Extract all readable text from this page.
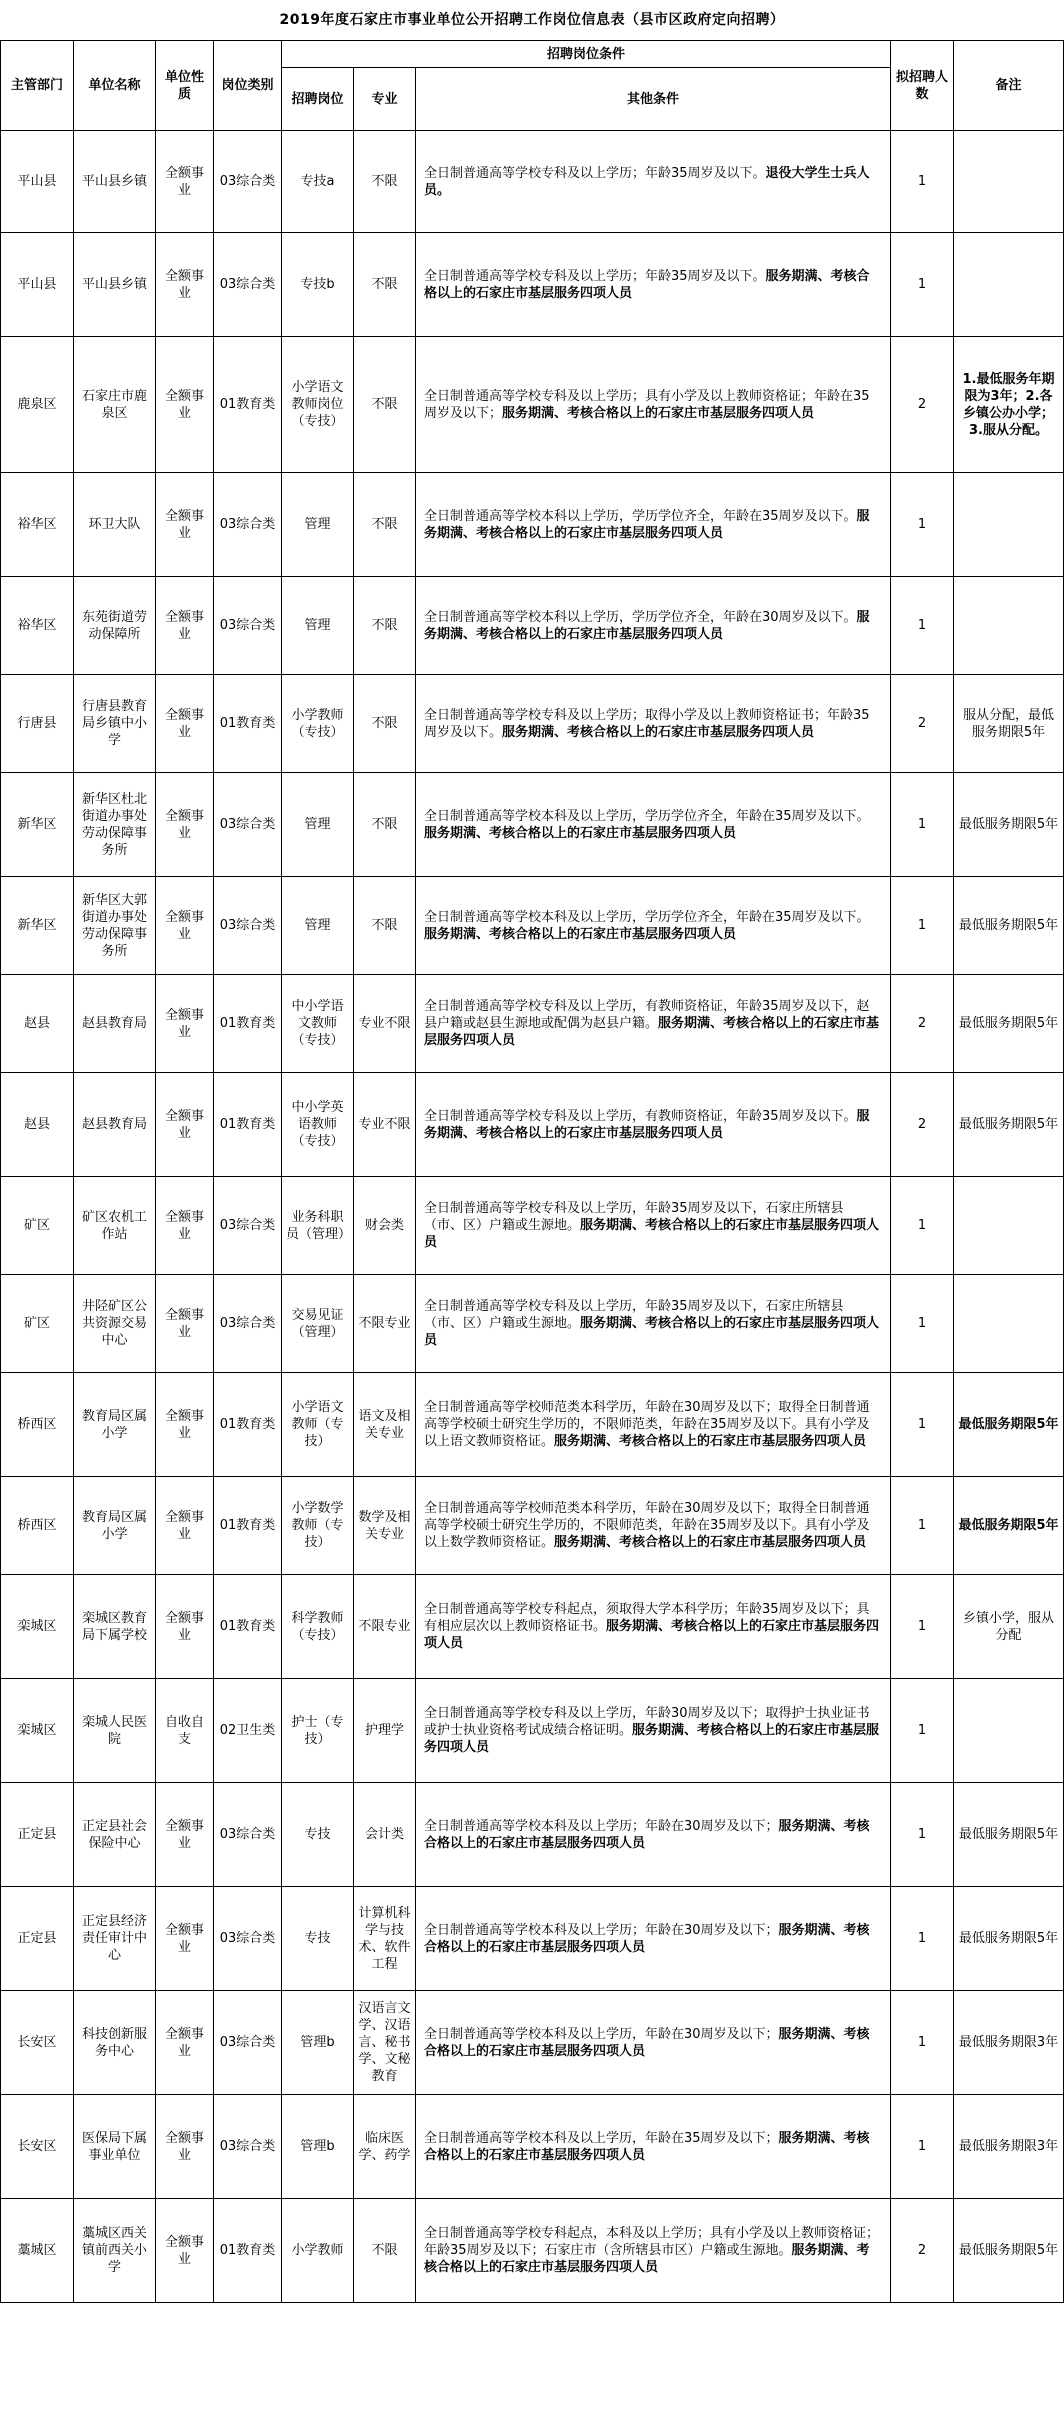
2019年度石家庄市事业单位公开招聘工作岗位信息表（县市区政府定向招聘）
主管部门	单位名称	单位性质	岗位类别	招聘岗位条件			拟招聘人数	备注
				招聘岗位	专业	其他条件		
平山县	平山县乡镇	全额事业	03综合类	专技a	不限	全日制普通高等学校专科及以上学历；年龄35周岁及以下。退役大学生士兵人员。	1	
平山县	平山县乡镇	全额事业	03综合类	专技b	不限	全日制普通高等学校专科及以上学历；年龄35周岁及以下。服务期满、考核合格以上的石家庄市基层服务四项人员	1	
鹿泉区	石家庄市鹿泉区	全额事业	01教育类	小学语文教师岗位（专技）	不限	全日制普通高等学校专科及以上学历；具有小学及以上教师资格证；年龄在35周岁及以下；服务期满、考核合格以上的石家庄市基层服务四项人员	2	1.最低服务年期限为3年；2.各乡镇公办小学；3.服从分配。
裕华区	环卫大队	全额事业	03综合类	管理	不限	全日制普通高等学校本科以上学历，学历学位齐全，年龄在35周岁及以下。服务期满、考核合格以上的石家庄市基层服务四项人员	1	
裕华区	东苑街道劳动保障所	全额事业	03综合类	管理	不限	全日制普通高等学校本科以上学历，学历学位齐全，年龄在30周岁及以下。服务期满、考核合格以上的石家庄市基层服务四项人员	1	
行唐县	行唐县教育局乡镇中小学	全额事业	01教育类	小学教师（专技）	不限	全日制普通高等学校专科及以上学历；取得小学及以上教师资格证书；年龄35周岁及以下。服务期满、考核合格以上的石家庄市基层服务四项人员	2	服从分配，最低服务期限5年
新华区	新华区杜北街道办事处劳动保障事务所	全额事业	03综合类	管理	不限	全日制普通高等学校本科及以上学历，学历学位齐全，年龄在35周岁及以下。服务期满、考核合格以上的石家庄市基层服务四项人员	1	最低服务期限5年
新华区	新华区大郭街道办事处劳动保障事务所	全额事业	03综合类	管理	不限	全日制普通高等学校本科及以上学历，学历学位齐全，年龄在35周岁及以下。服务期满、考核合格以上的石家庄市基层服务四项人员	1	最低服务期限5年
赵县	赵县教育局	全额事业	01教育类	中小学语文教师（专技）	专业不限	全日制普通高等学校专科及以上学历，有教师资格证，年龄35周岁及以下，赵县户籍或赵县生源地或配偶为赵县户籍。服务期满、考核合格以上的石家庄市基层服务四项人员	2	最低服务期限5年
赵县	赵县教育局	全额事业	01教育类	中小学英语教师（专技）	专业不限	全日制普通高等学校专科及以上学历，有教师资格证，年龄35周岁及以下。服务期满、考核合格以上的石家庄市基层服务四项人员	2	最低服务期限5年
矿区	矿区农机工作站	全额事业	03综合类	业务科职员（管理）	财会类	全日制普通高等学校专科及以上学历，年龄35周岁及以下，石家庄所辖县（市、区）户籍或生源地。服务期满、考核合格以上的石家庄市基层服务四项人员	1	
矿区	井陉矿区公共资源交易中心	全额事业	03综合类	交易见证（管理）	不限专业	全日制普通高等学校专科及以上学历，年龄35周岁及以下，石家庄所辖县（市、区）户籍或生源地。服务期满、考核合格以上的石家庄市基层服务四项人员	1	
桥西区	教育局区属小学	全额事业	01教育类	小学语文教师（专技）	语文及相关专业	全日制普通高等学校师范类本科学历，年龄在30周岁及以下；取得全日制普通高等学校硕士研究生学历的，不限师范类，年龄在35周岁及以下。具有小学及以上语文教师资格证。服务期满、考核合格以上的石家庄市基层服务四项人员	1	最低服务期限5年
桥西区	教育局区属小学	全额事业	01教育类	小学数学教师（专技）	数学及相关专业	全日制普通高等学校师范类本科学历，年龄在30周岁及以下；取得全日制普通高等学校硕士研究生学历的，不限师范类，年龄在35周岁及以下。具有小学及以上数学教师资格证。服务期满、考核合格以上的石家庄市基层服务四项人员	1	最低服务期限5年
栾城区	栾城区教育局下属学校	全额事业	01教育类	科学教师（专技）	不限专业	全日制普通高等学校专科起点，须取得大学本科学历；年龄35周岁及以下；具有相应层次以上教师资格证书。服务期满、考核合格以上的石家庄市基层服务四项人员	1	乡镇小学，服从分配
栾城区	栾城人民医院	自收自支	02卫生类	护士（专技）	护理学	全日制普通高等学校专科及以上学历，年龄30周岁及以下；取得护士执业证书或护士执业资格考试成绩合格证明。服务期满、考核合格以上的石家庄市基层服务四项人员	1	
正定县	正定县社会保险中心	全额事业	03综合类	专技	会计类	全日制普通高等学校本科及以上学历；年龄在30周岁及以下；服务期满、考核合格以上的石家庄市基层服务四项人员	1	最低服务期限5年
正定县	正定县经济责任审计中心	全额事业	03综合类	专技	计算机科学与技术、软件工程	全日制普通高等学校本科及以上学历；年龄在30周岁及以下；服务期满、考核合格以上的石家庄市基层服务四项人员	1	最低服务期限5年
长安区	科技创新服务中心	全额事业	03综合类	管理b	汉语言文学、汉语言、秘书学、文秘教育	全日制普通高等学校本科及以上学历，年龄在30周岁及以下；服务期满、考核合格以上的石家庄市基层服务四项人员	1	最低服务期限3年
长安区	医保局下属事业单位	全额事业	03综合类	管理b	临床医学、药学	全日制普通高等学校本科及以上学历，年龄在35周岁及以下；服务期满、考核合格以上的石家庄市基层服务四项人员	1	最低服务期限3年
藁城区	藁城区西关镇前西关小学	全额事业	01教育类	小学教师	不限	全日制普通高等学校专科起点，本科及以上学历；具有小学及以上教师资格证；年龄35周岁及以下；石家庄市（含所辖县市区）户籍或生源地。服务期满、考核合格以上的石家庄市基层服务四项人员	2	最低服务期限5年
